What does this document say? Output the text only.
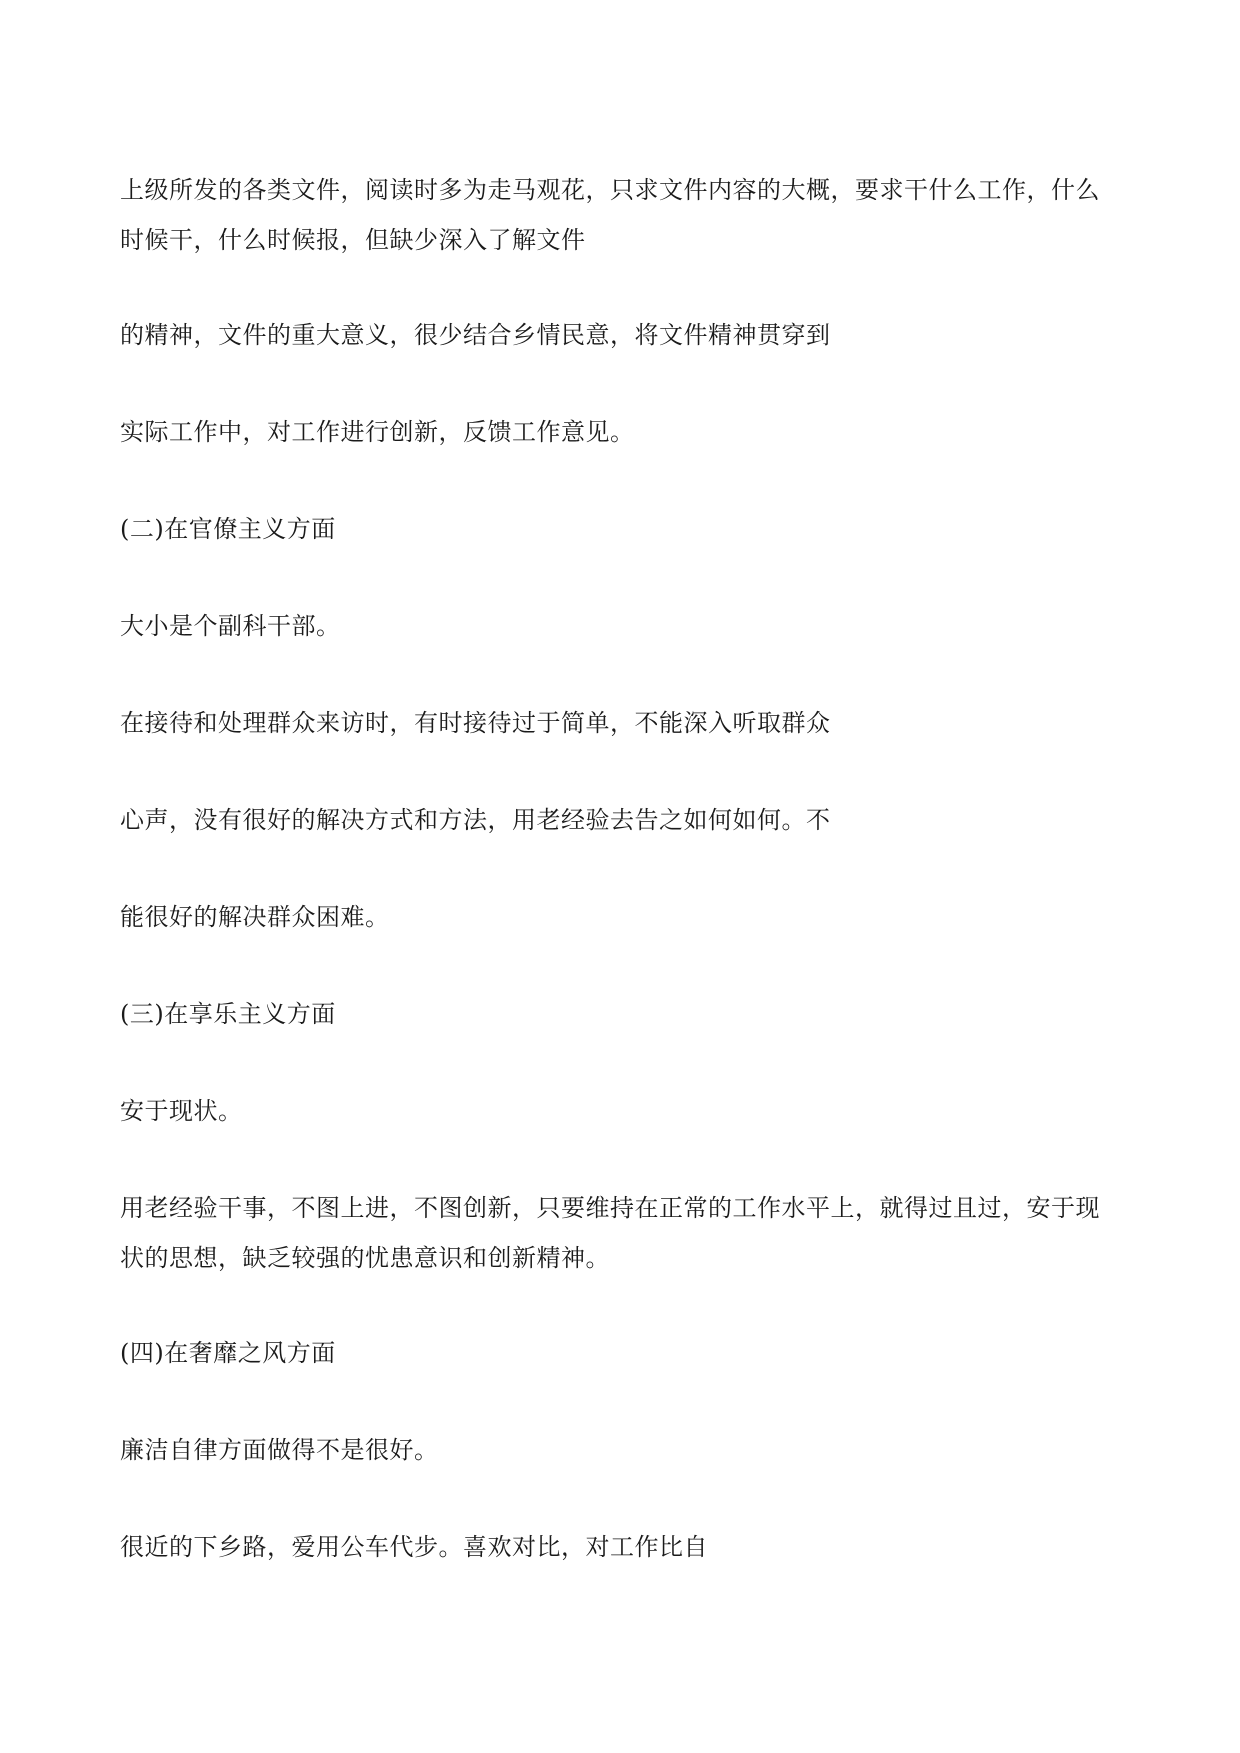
上级所发的各类文件，阅读时多为走马观花，只求文件内容的大概，要求干什么工作，什么
时候干，什么时候报，但缺少深入了解文件

的精神，文件的重大意义，很少结合乡情民意，将文件精神贯穿到

实际工作中，对工作进行创新，反馈工作意见。

(二)在官僚主义方面

大小是个副科干部。

在接待和处理群众来访时，有时接待过于简单，不能深入听取群众

心声，没有很好的解决方式和方法，用老经验去告之如何如何。不

能很好的解决群众困难。

(三)在享乐主义方面

安于现状。

用老经验干事，不图上进，不图创新，只要维持在正常的工作水平上，就得过且过，安于现
状的思想，缺乏较强的忧患意识和创新精神。

(四)在奢靡之风方面

廉洁自律方面做得不是很好。

很近的下乡路，爱用公车代步。喜欢对比，对工作比自
